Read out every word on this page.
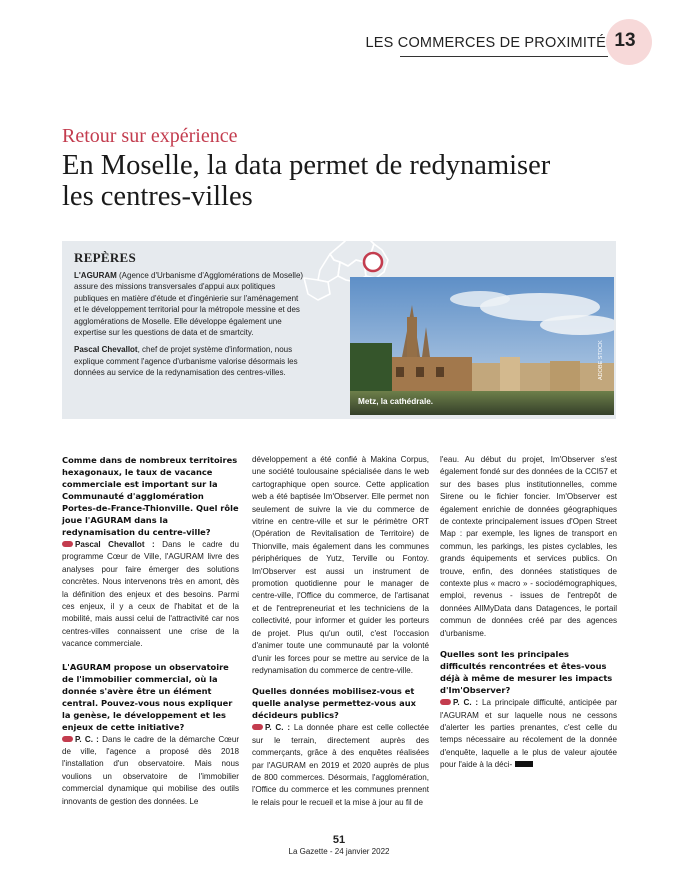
LES COMMERCES DE PROXIMITÉ 13
Retour sur expérience
En Moselle, la data permet de redynamiser les centres-villes
REPÈRES

L'AGURAM (Agence d'Urbanisme d'Agglomérations de Moselle) assure des missions transversales d'appui aux politiques publiques en matière d'étude et d'ingénierie sur l'aménagement et le développement territorial pour la métropole messine et des agglomérations de Moselle. Elle développe également une expertise sur les questions de data et de smartcity.

Pascal Chevallot, chef de projet système d'information, nous explique comment l'agence d'urbanisme valorise désormais les données au service de la redynamisation des centres-villes.

Metz, la cathédrale.
ADOBE STOCK
Comme dans de nombreux territoires hexagonaux, le taux de vacance commerciale est important sur la Communauté d'agglomération Portes-de-France-Thionville. Quel rôle joue l'AGURAM dans la redynamisation du centre-ville?

Pascal Chevallot : Dans le cadre du programme Cœur de Ville, l'AGURAM livre des analyses pour faire émerger des solutions concrètes. Nous intervenons très en amont, dès la définition des enjeux et des besoins. Parmi ces enjeux, il y a ceux de l'habitat et de la mobilité, mais aussi celui de l'attractivité car nos centres-villes connaissent une crise de la vacance commerciale.

L'AGURAM propose un observatoire de l'immobilier commercial, où la donnée s'avère être un élément central. Pouvez-vous nous expliquer la genèse, le développement et les enjeux de cette initiative?

P. C. : Dans le cadre de la démarche Cœur de ville, l'agence a proposé dès 2018 l'installation d'un observatoire. Mais nous voulions un observatoire de l'immobilier commercial dynamique qui mobilise des outils innovants de gestion des données. Le

développement a été confié à Makina Corpus, une société toulousaine spécialisée dans le web cartographique open source. Cette application web a été baptisée Im'Observer. Elle permet non seulement de suivre la vie du commerce de vitrine en centre-ville et sur le périmètre ORT (Opération de Revitalisation de Territoire) de Thionville, mais également dans les communes périphériques de Yutz, Terville ou Fontoy. Im'Observer est aussi un instrument de promotion quotidienne pour le manager de centre-ville, l'Office du commerce, de l'artisanat et de l'entrepreneuriat et les techniciens de la collectivité, pour informer et guider les porteurs de projet. Plus qu'un outil, c'est l'occasion d'animer toute une communauté par la volonté d'unir les forces pour se mettre au service de la redynamisation du commerce de centre-ville.

Quelles données mobilisez-vous et quelle analyse permettez-vous aux décideurs publics?

P. C. : La donnée phare est celle collectée sur le terrain, directement auprès des commerçants, grâce à des enquêtes réalisées par l'AGURAM en 2019 et 2020 auprès de plus de 800 commerces. Désormais, l'agglomération, l'Office du commerce et les communes prennent le relais pour le recueil et la mise à jour au fil de

l'eau. Au début du projet, Im'Observer s'est également fondé sur des données de la CCI57 et sur des bases plus institutionnelles, comme Sirene ou le fichier foncier. Im'Observer est également enrichie de données géographiques de contexte principalement issues d'Open Street Map : par exemple, les lignes de transport en commun, les parkings, les pistes cyclables, les grands équipements et services publics. On trouve, enfin, des données statistiques de contexte plus « macro » - sociodémographiques, emploi, revenus - issues de l'entrepôt de données AllMyData dans Datagences, le portail commun de données créé par des agences d'urbanisme.

Quelles sont les principales difficultés rencontrées et êtes-vous déjà à même de mesurer les impacts d'Im'Observer?

P. C. : La principale difficulté, anticipée par l'AGURAM et sur laquelle nous ne cessons d'alerter les parties prenantes, c'est celle du temps nécessaire au récolement de la donnée d'enquête, laquelle a le plus de valeur ajoutée pour l'aide à la déci-

51
La Gazette - 24 janvier 2022
